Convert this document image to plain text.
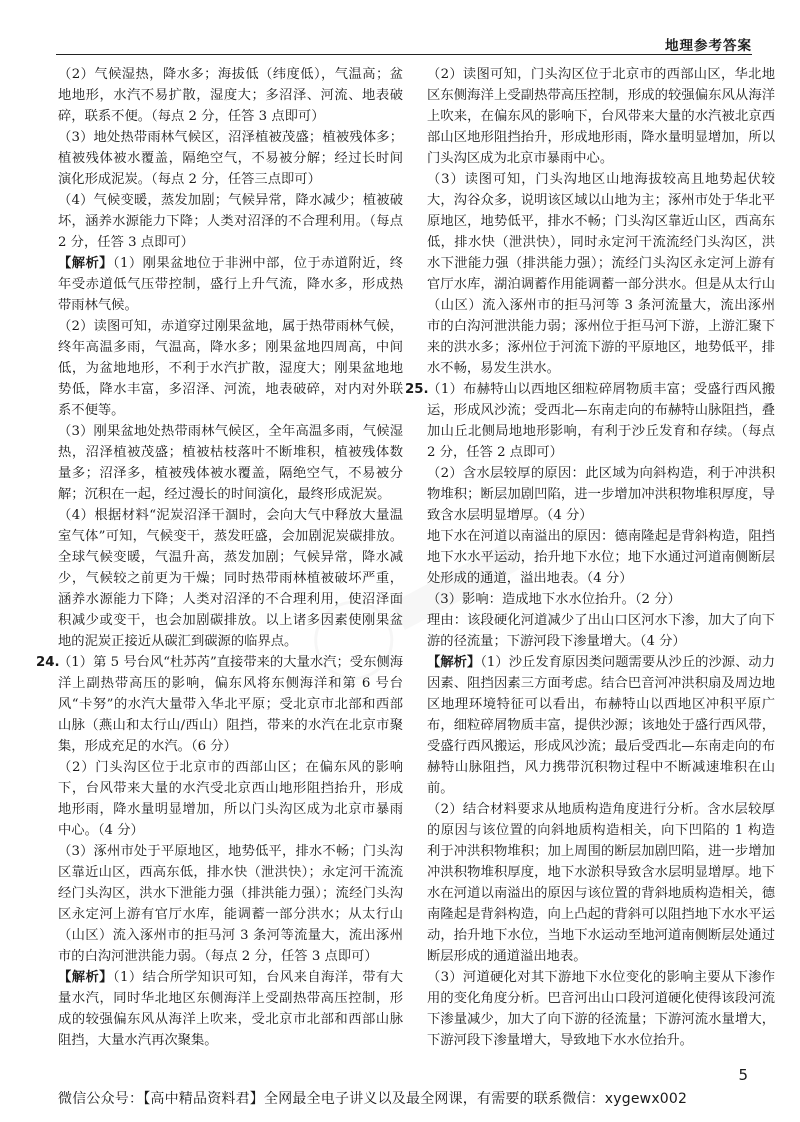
地理参考答案

（2）气候湿热，降水多；海拔低（纬度低），气温高；盆地地形，水汽不易扩散，湿度大；多沼泽、河流、地表破碎，联系不便。（每点 2 分，任答 3 点即可）

（3）地处热带雨林气候区，沼泽植被茂盛；植被残体多；植被残体被水覆盖，隔绝空气，不易被分解；经过长时间演化形成泥炭。（每点 2 分，任答三点即可）

（4）气候变暖，蒸发加剧；气候异常，降水减少；植被破坏，涵养水源能力下降；人类对沼泽的不合理利用。（每点 2 分，任答 3 点即可）

【解析】（1）刚果盆地位于非洲中部，位于赤道附近，终年受赤道低气压带控制，盛行上升气流，降水多，形成热带雨林气候。

（2）读图可知，赤道穿过刚果盆地，属于热带雨林气候，终年高温多雨，气温高，降水多；刚果盆地四周高，中间低，为盆地地形，不利于水汽扩散，湿度大；刚果盆地地势低，降水丰富，多沼泽、河流，地表破碎，对内对外联系不便等。

（3）刚果盆地处热带雨林气候区，全年高温多雨，气候湿热，沼泽植被茂盛；植被枯枝落叶不断堆积，植被残体数量多；沼泽多，植被残体被水覆盖，隔绝空气，不易被分解；沉积在一起，经过漫长的时间演化，最终形成泥炭。

（4）根据材料“泥炭沼泽干涸时，会向大气中释放大量温室气体”可知，气候变干，蒸发旺盛，会加剧泥炭碳排放。全球气候变暖，气温升高，蒸发加剧；气候异常，降水减少，气候较之前更为干燥；同时热带雨林植被破坏严重，涵养水源能力下降；人类对沼泽的不合理利用，使沼泽面积减少或变干，也会加剧碳排放。以上诸多因素使刚果盆地的泥炭正接近从碳汇到碳源的临界点。

24.（1）第 5 号台风“杜苏芮”直接带来的大量水汽；受东侧海洋上副热带高压的影响，偏东风将东侧海洋和第 6 号台风“卡努”的水汽大量带入华北平原；受北京市北部和西部山脉（燕山和太行山/西山）阻挡，带来的水汽在北京市聚集，形成充足的水汽。（6 分）

（2）门头沟区位于北京市的西部山区；在偏东风的影响下，台风带来大量的水汽受北京西山地形阻挡抬升，形成地形雨，降水量明显增加，所以门头沟区成为北京市暴雨中心。（4 分）

（3）涿州市处于平原地区，地势低平，排水不畅；门头沟区靠近山区，西高东低，排水快（泄洪快）；永定河干流流经门头沟区，洪水下泄能力强（排洪能力强）；流经门头沟区永定河上游有官厅水库，能调蓄一部分洪水；从太行山（山区）流入涿州市的拒马河 3 条河等流量大，流出涿州市的白沟河泄洪能力弱。（每点 2 分，任答 3 点即可）

【解析】（1）结合所学知识可知，台风来自海洋，带有大量水汽，同时华北地区东侧海洋上受副热带高压控制，形成的较强偏东风从海洋上吹来，受北京市北部和西部山脉阻挡，大量水汽再次聚集。

（2）读图可知，门头沟区位于北京市的西部山区，华北地区东侧海洋上受副热带高压控制，形成的较强偏东风从海洋上吹来，在偏东风的影响下，台风带来大量的水汽被北京西部山区地形阻挡抬升，形成地形雨，降水量明显增加，所以门头沟区成为北京市暴雨中心。

（3）读图可知，门头沟地区山地海拔较高且地势起伏较大，沟谷众多，说明该区域以山地为主；涿州市处于华北平原地区，地势低平，排水不畅；门头沟区靠近山区，西高东低，排水快（泄洪快），同时永定河干流流经门头沟区，洪水下泄能力强（排洪能力强）；流经门头沟区永定河上游有官厅水库，湖泊调蓄作用能调蓄一部分洪水。但是从太行山（山区）流入涿州市的拒马河等 3 条河流量大，流出涿州市的白沟河泄洪能力弱；涿州位于拒马河下游，上游汇聚下来的洪水多；涿州位于河流下游的平原地区，地势低平，排水不畅，易发生洪水。

25.（1）布赫特山以西地区细粒碎屑物质丰富；受盛行西风搬运，形成风沙流；受西北—东南走向的布赫特山脉阻挡，叠加山丘北侧局地地形影响，有利于沙丘发育和存续。（每点 2 分，任答 2 点即可）

（2）含水层较厚的原因：此区域为向斜构造，利于冲洪积物堆积；断层加剧凹陷，进一步增加冲洪积物堆积厚度，导致含水层明显增厚。（4 分）

地下水在河道以南溢出的原因：德南隆起是背斜构造，阻挡地下水水平运动，抬升地下水位；地下水通过河道南侧断层处形成的通道，溢出地表。（4 分）

（3）影响：造成地下水水位抬升。（2 分）

理由：该段硬化河道减少了出山口区河水下渗，加大了向下游的径流量；下游河段下渗量增大。（4 分）

【解析】（1）沙丘发育原因类问题需要从沙丘的沙源、动力因素、阻挡因素三方面考虑。结合巴音河冲洪积扇及周边地区地理环境特征可以看出，布赫特山以西地区冲积平原广布，细粒碎屑物质丰富，提供沙源；该地处于盛行西风带，受盛行西风搬运，形成风沙流；最后受西北—东南走向的布赫特山脉阻挡，风力携带沉积物过程中不断减速堆积在山前。

（2）结合材料要求从地质构造角度进行分析。含水层较厚的原因与该位置的向斜地质构造相关，向下凹陷的 1 构造利于冲洪积物堆积；加上周围的断层加剧凹陷，进一步增加冲洪积物堆积厚度，地下水淤积导致含水层明显增厚。地下水在河道以南溢出的原因与该位置的背斜地质构造相关，德南隆起是背斜构造，向上凸起的背斜可以阻挡地下水水平运动，抬升地下水位，当地下水运动至地河道南侧断层处通过断层形成的通道溢出地表。

（3）河道硬化对其下游地下水位变化的影响主要从下渗作用的变化角度分析。巴音河出山口段河道硬化使得该段河流下渗量减少，加大了向下游的径流量；下游河流水量增大，下游河段下渗量增大，导致地下水水位抬升。

5
微信公众号：【高中精品资料君】全网最全电子讲义以及最全网课，有需要的联系微信：xygewx002
